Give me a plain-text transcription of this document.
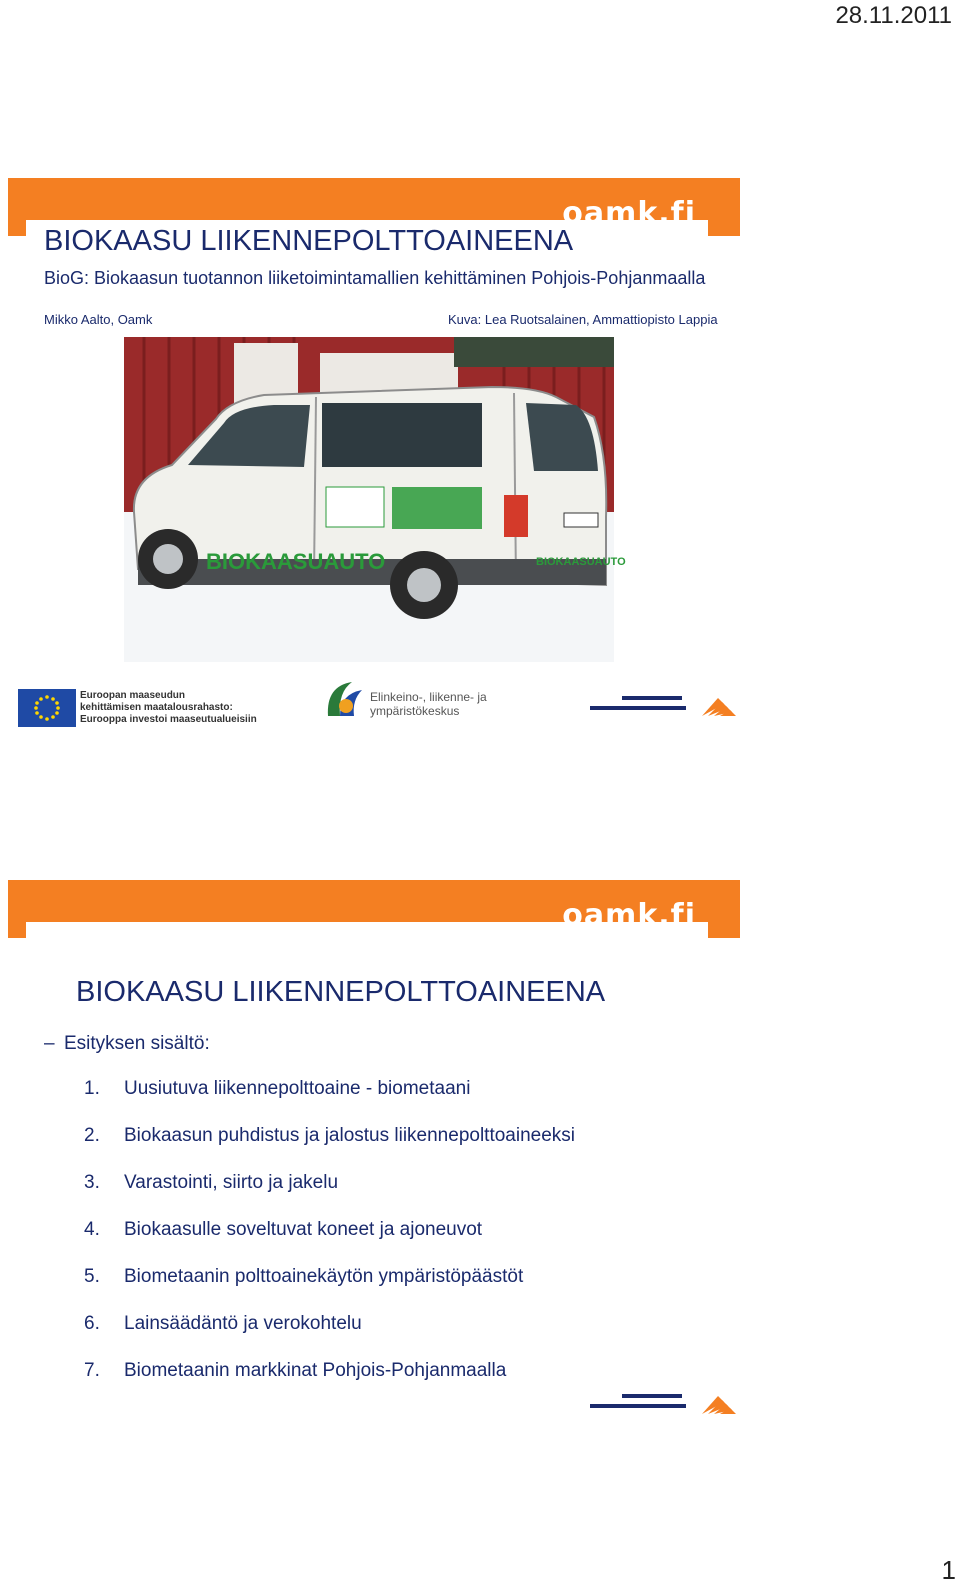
28.11.2011
oamk.fi
BIOKAASU LIIKENNEPOLTTOAINEENA
BioG: Biokaasun tuotannon liiketoimintamallien kehittäminen Pohjois-Pohjanmaalla
Mikko Aalto, Oamk	Kuva: Lea Ruotsalainen, Ammattiopisto Lappia
BIOKAASUAUTO	BIOKAASUAUTO
Euroopan maaseudun
kehittämisen maatalousrahasto:
Eurooppa investoi maaseutualueisiin
Elinkeino-, liikenne- ja
ympäristökeskus
oamk.fi
BIOKAASU LIIKENNEPOLTTOAINEENA
– Esityksen sisältö:
1. Uusiutuva liikennepolttoaine - biometaani
2. Biokaasun puhdistus ja jalostus liikennepolttoaineeksi
3. Varastointi, siirto ja jakelu
4. Biokaasulle soveltuvat koneet ja ajoneuvot
5. Biometaanin polttoainekäytön ympäristöpäästöt
6. Lainsäädäntö ja verokohtelu
7. Biometaanin markkinat Pohjois-Pohjanmaalla
1
